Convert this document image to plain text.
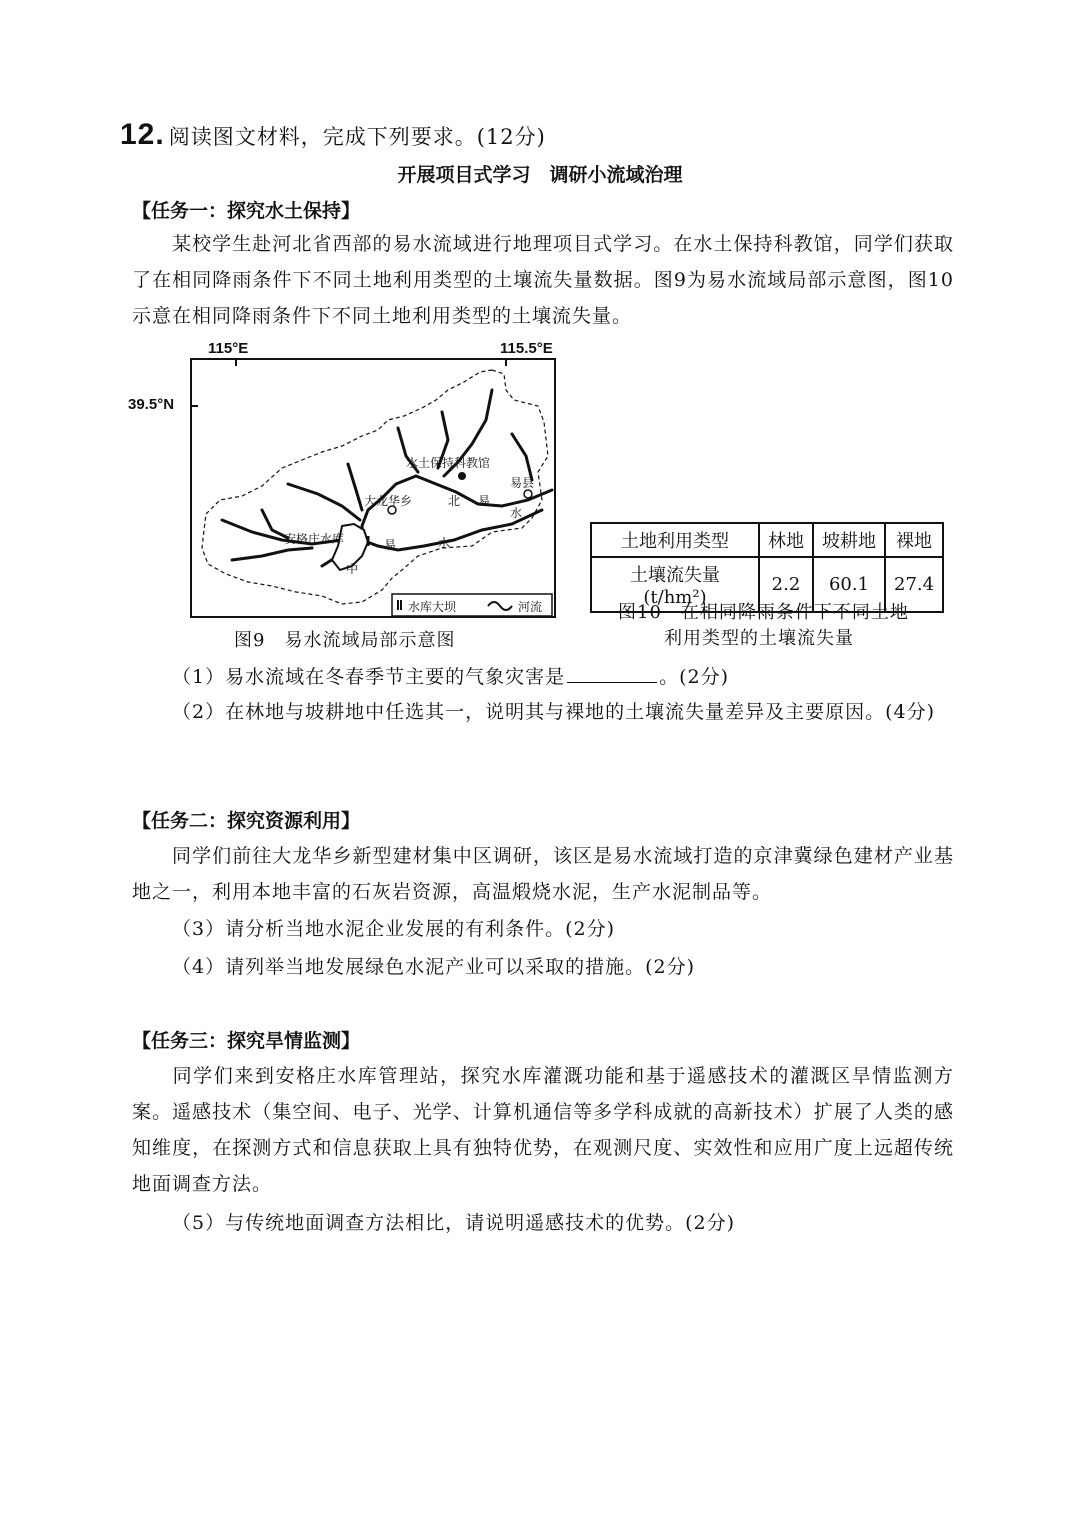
12. 阅读图文材料，完成下列要求。(12分)
开展项目式学习　调研小流域治理
【任务一：探究水土保持】
某校学生赴河北省西部的易水流域进行地理项目式学习。在水土保持科教馆，同学们获取了在相同降雨条件下不同土地利用类型的土壤流失量数据。图9为易水流域局部示意图，图10示意在相同降雨条件下不同土地利用类型的土壤流失量。
115°E	115.5°E
39.5°N
水土保持科教馆
大龙华乡
易县
北 易
水
安格庄水库	易	水
中
水库大坝	河流
图9　易水流域局部示意图
土地利用类型	林地	坡耕地	裸地
土壤流失量(t/hm²)	2.2	60.1	27.4
图10　在相同降雨条件下不同土地
利用类型的土壤流失量
（1）易水流域在冬春季节主要的气象灾害是	。(2分)
（2）在林地与坡耕地中任选其一，说明其与裸地的土壤流失量差异及主要原因。(4分)
【任务二：探究资源利用】
同学们前往大龙华乡新型建材集中区调研，该区是易水流域打造的京津冀绿色建材产业基地之一，利用本地丰富的石灰岩资源，高温煅烧水泥，生产水泥制品等。
（3）请分析当地水泥企业发展的有利条件。(2分)
（4）请列举当地发展绿色水泥产业可以采取的措施。(2分)
【任务三：探究旱情监测】
同学们来到安格庄水库管理站，探究水库灌溉功能和基于遥感技术的灌溉区旱情监测方案。遥感技术（集空间、电子、光学、计算机通信等多学科成就的高新技术）扩展了人类的感知维度，在探测方式和信息获取上具有独特优势，在观测尺度、实效性和应用广度上远超传统地面调查方法。
（5）与传统地面调查方法相比，请说明遥感技术的优势。(2分)
